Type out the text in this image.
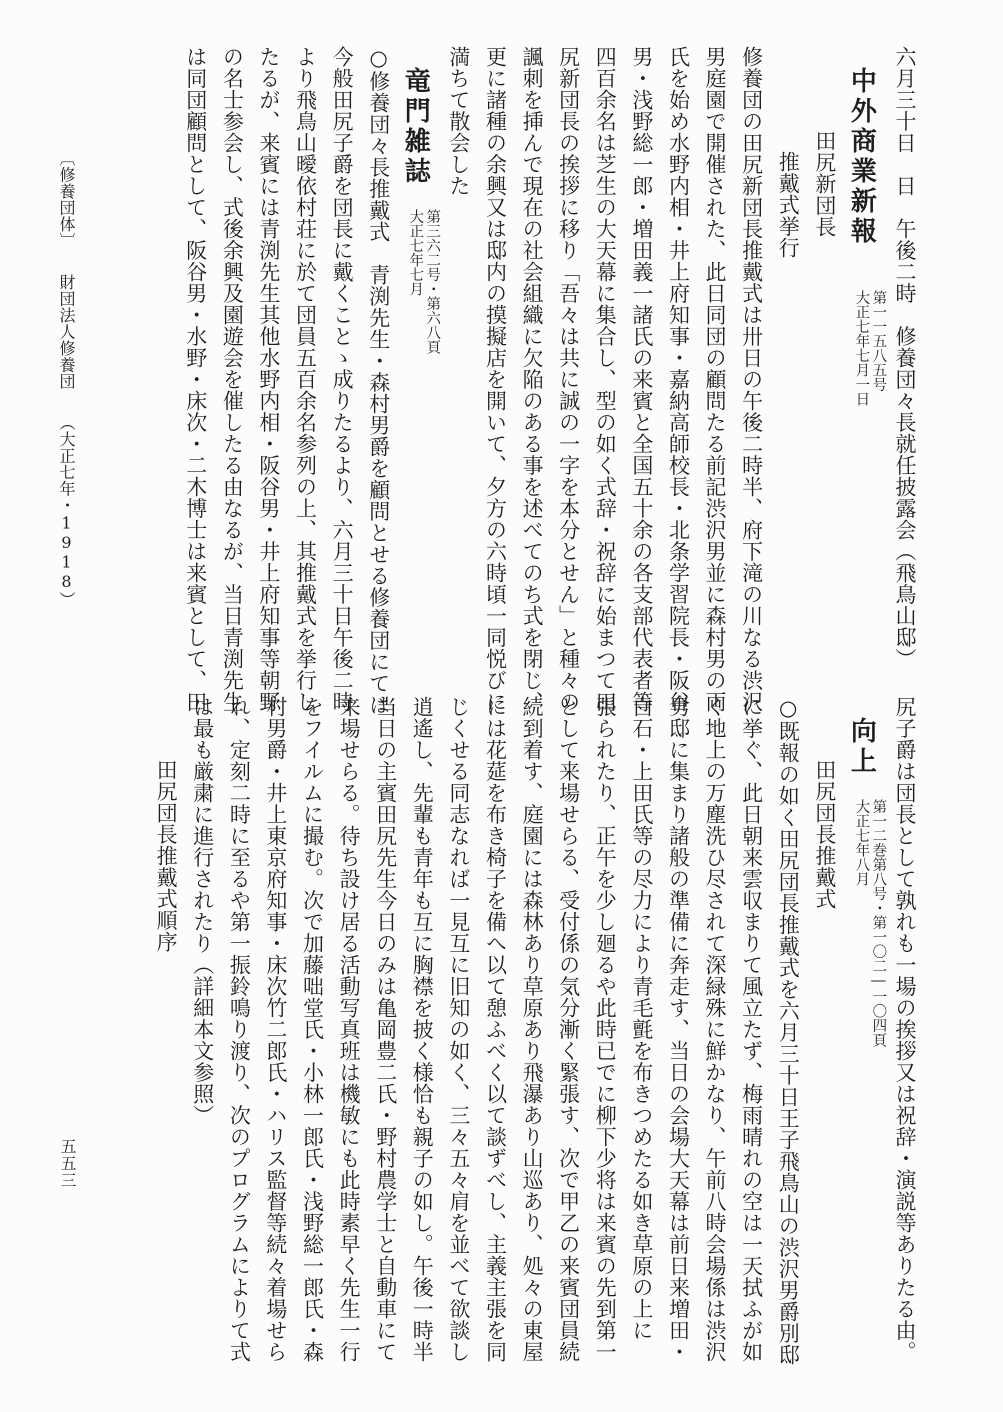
六月三十日　日　午後二時　修養団々長就任披露会（飛鳥山邸）
中外商業新報　　第一一五八五号
大正七年七月一日
田尻新団長
推戴式挙行
修養団の田尻新団長推戴式は卅日の午後二時半、府下滝の川なる渋沢
男庭園で開催された、此日同団の顧問たる前記渋沢男並に森村男の両
氏を始め水野内相・井上府知事・嘉納高師校長・北条学習院長・阪谷
男・浅野総一郎・増田義一諸氏の来賓と全国五十余の各支部代表者等
四百余名は芝生の大天幕に集合し、型の如く式辞・祝辞に始まつて田
尻新団長の挨拶に移り「吾々は共に誠の一字を本分とせん」と種々の
諷刺を挿んで現在の社会組織に欠陥のある事を述べてのち式を閉じ、
更に諸種の余興又は邸内の摸擬店を開いて、夕方の六時頃一同悦びに
満ちて散会した
竜門雑誌　第三六二号・第六八頁
大正七年七月
○修養団々長推戴式　青渕先生・森村男爵を顧問とせる修養団にては
今般田尻子爵を団長に戴くことゝ成りたるより、六月三十日午後二時
より飛鳥山曖依村荘に於て団員五百余名参列の上、其推戴式を挙行し
たるが、来賓には青渕先生其他水野内相・阪谷男・井上府知事等朝野
の名士参会し、式後余興及園遊会を催したる由なるが、当日青渕先生
は同団顧問として、阪谷男・水野・床次・二木博士は来賓として、田
尻子爵は団長として孰れも一場の挨拶又は祝辞・演説等ありたる由。
向上　第一二巻第八号・第一〇二―一〇四頁
大正七年八月
田尻団長推戴式
○既報の如く田尻団長推戴式を六月三十日王子飛鳥山の渋沢男爵別邸
に挙ぐ、此日朝来雲収まりて風立たず、梅雨晴れの空は一天拭ふが如
く地上の万塵洗ひ尽されて深緑殊に鮮かなり、午前八時会場係は渋沢
男邸に集まり諸般の準備に奔走す、当日の会場大天幕は前日来増田・
白石・上田氏等の尽力により青毛氈を布きつめたる如き草原の上に
張られたり、正午を少し廻るや此時已でに柳下少将は来賓の先到第一
として来場せらる、受付係の気分漸く緊張す、次で甲乙の来賓団員続
続到着す、庭園には森林あり草原あり飛瀑あり山巡あり、処々の東屋
には花莚を布き椅子を備へ以て憩ふべく以て談ずべし、主義主張を同
じくせる同志なれば一見互に旧知の如く、三々五々肩を並べて欲談し
逍遙し、先輩も青年も互に胸襟を披く様恰も親子の如し。午後一時半
当日の主賓田尻先生今日のみは亀岡豊二氏・野村農学士と自動車にて
来場せらる。待ち設け居る活動写真班は機敏にも此時素早く先生一行
をフイルムに撮む。次で加藤咄堂氏・小林一郎氏・浅野総一郎氏・森
村男爵・井上東京府知事・床次竹二郎氏・ハリス監督等続々着場せら
れ、定刻二時に至るや第一振鈴鳴り渡り、次のプログラムによりて式
は最も厳粛に進行されたり（詳細本文参照）
田尻団長推戴式順序
〔修養団体〕　　財団法人修養団　　（大正七年・1918）
五五三
